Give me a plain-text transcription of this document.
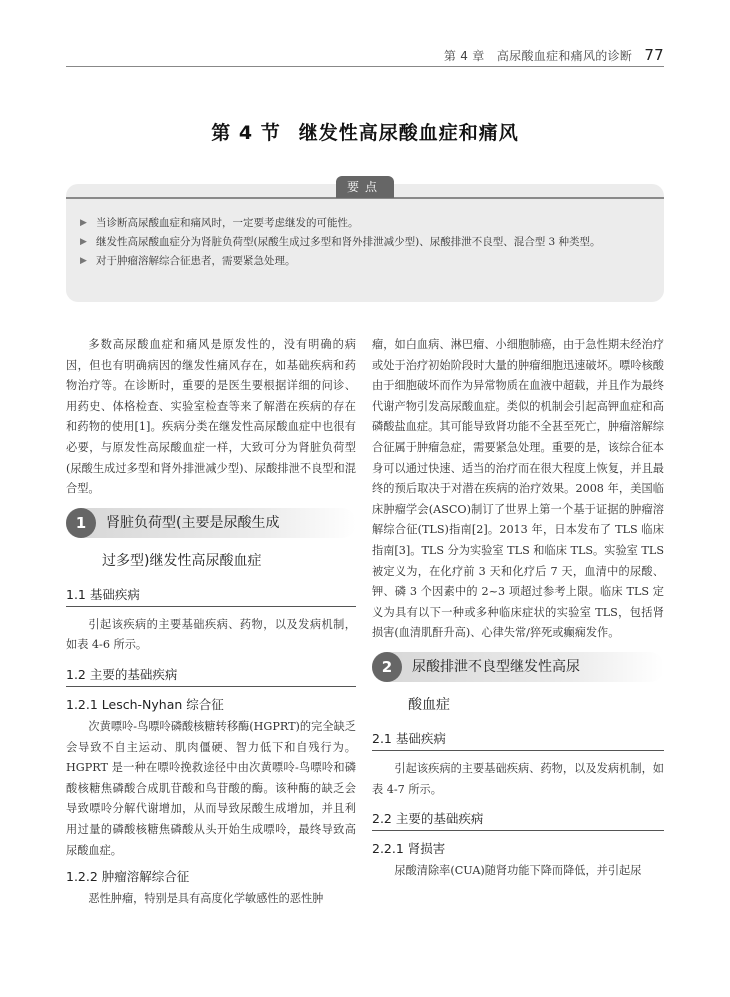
第 4 章　高尿酸血症和痛风的诊断 77
第 4 节 继发性高尿酸血症和痛风
要点
▶ 当诊断高尿酸血症和痛风时，一定要考虑继发的可能性。
▶ 继发性高尿酸血症分为肾脏负荷型(尿酸生成过多型和肾外排泄减少型)、尿酸排泄不良型、混合型 3 种类型。
▶ 对于肿瘤溶解综合征患者，需要紧急处理。

多数高尿酸血症和痛风是原发性的，没有明确的病因，但也有明确病因的继发性痛风存在，如基础疾病和药物治疗等。在诊断时，重要的是医生要根据详细的问诊、用药史、体格检查、实验室检查等来了解潜在疾病的存在和药物的使用[1]。疾病分类在继发性高尿酸血症中也很有必要，与原发性高尿酸血症一样，大致可分为肾脏负荷型(尿酸生成过多型和肾外排泄减少型)、尿酸排泄不良型和混合型。

1	肾脏负荷型(主要是尿酸生成
过多型)继发性高尿酸血症
1.1 基础疾病

引起该疾病的主要基础疾病、药物，以及发病机制，如表 4-6 所示。

1.2 主要的基础疾病
1.2.1 Lesch-Nyhan 综合征

次黄嘌呤-鸟嘌呤磷酸核糖转移酶(HGPRT)的完全缺乏会导致不自主运动、肌肉僵硬、智力低下和自残行为。HGPRT 是一种在嘌呤挽救途径中由次黄嘌呤-鸟嘌呤和磷酸核糖焦磷酸合成肌苷酸和鸟苷酸的酶。该种酶的缺乏会导致嘌呤分解代谢增加，从而导致尿酸生成增加，并且利用过量的磷酸核糖焦磷酸从头开始生成嘌呤，最终导致高尿酸血症。

1.2.2 肿瘤溶解综合征

恶性肿瘤，特别是具有高度化学敏感性的恶性肿

瘤，如白血病、淋巴瘤、小细胞肺癌，由于急性期未经治疗或处于治疗初始阶段时大量的肿瘤细胞迅速破坏。嘌呤核酸由于细胞破坏而作为异常物质在血液中超载，并且作为最终代谢产物引发高尿酸血症。类似的机制会引起高钾血症和高磷酸盐血症。其可能导致肾功能不全甚至死亡，肿瘤溶解综合征属于肿瘤急症，需要紧急处理。重要的是，该综合征本身可以通过快速、适当的治疗而在很大程度上恢复，并且最终的预后取决于对潜在疾病的治疗效果。2008 年，美国临床肿瘤学会(ASCO)制订了世界上第一个基于证据的肿瘤溶解综合征(TLS)指南[2]。2013 年，日本发布了 TLS 临床指南[3]。TLS 分为实验室 TLS 和临床 TLS。实验室 TLS 被定义为，在化疗前 3 天和化疗后 7 天，血清中的尿酸、钾、磷 3 个因素中的 2~3 项超过参考上限。临床 TLS 定义为具有以下一种或多种临床症状的实验室 TLS，包括肾损害(血清肌酐升高)、心律失常/猝死或癫痫发作。

2	尿酸排泄不良型继发性高尿
酸血症
2.1 基础疾病

引起该疾病的主要基础疾病、药物，以及发病机制，如表 4-7 所示。

2.2 主要的基础疾病
2.2.1 肾损害

尿酸清除率(CUA)随肾功能下降而降低，并引起尿
